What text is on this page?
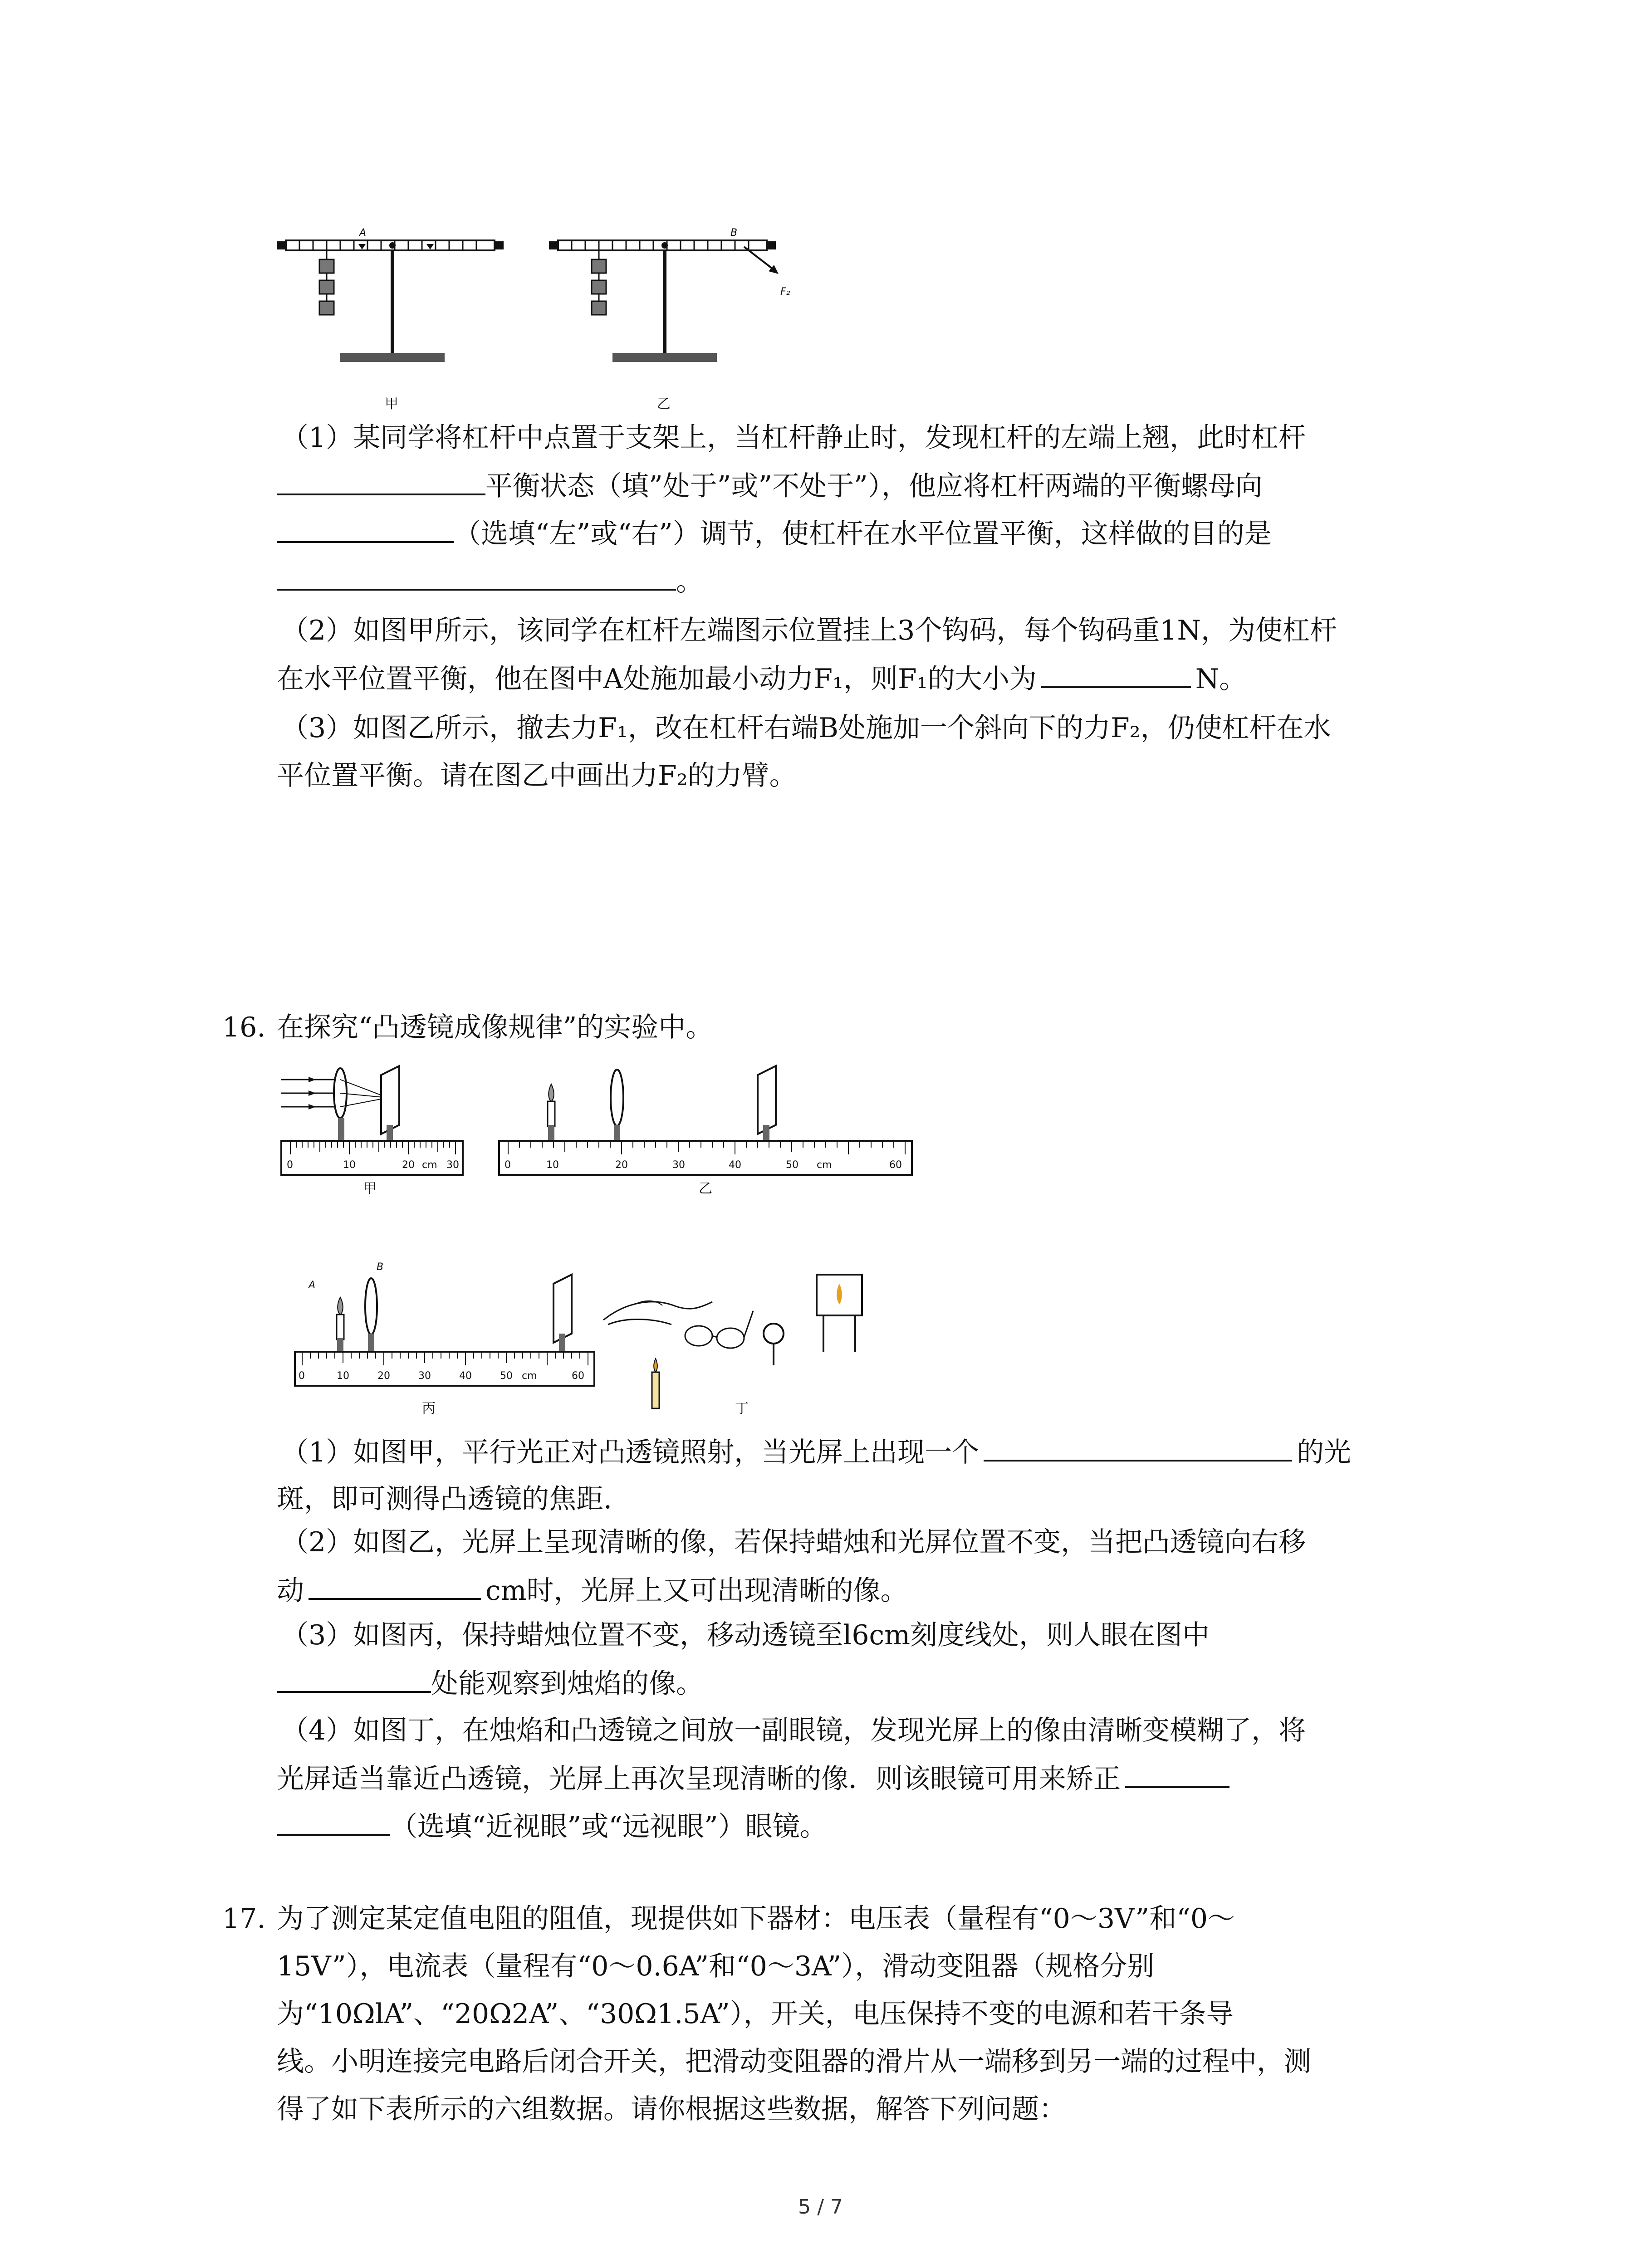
A
甲
B
F₂
乙
（1）某同学将杠杆中点置于支架上，当杠杆静止时，发现杠杆的左端上翘，此时杠杆
平衡状态（填”处于”或”不处于”），他应将杠杆两端的平衡螺母向
（选填“左”或“右”）调节，使杠杆在水平位置平衡，这样做的目的是
。
（2）如图甲所示，该同学在杠杆左端图示位置挂上3个钩码，每个钩码重1N，为使杠杆
在水平位置平衡，他在图中A处施加最小动力F₁，则F₁的大小为	N。
（3）如图乙所示，撤去力F₁，改在杠杆右端B处施加一个斜向下的力F₂，仍使杠杆在水
平位置平衡。请在图乙中画出力F₂的力臂。
16. 在探究“凸透镜成像规律”的实验中。
0	10	20 cm 30
甲
0	10	20	30	40	50 cm	60
乙
A
B
0	10	20	30	40	50 cm	60
丙	丁
（1）如图甲，平行光正对凸透镜照射，当光屏上出现一个	的光
斑，即可测得凸透镜的焦距.
（2）如图乙，光屏上呈现清晰的像，若保持蜡烛和光屏位置不变，当把凸透镜向右移
动	cm时，光屏上又可出现清晰的像。
（3）如图丙，保持蜡烛位置不变，移动透镜至l6cm刻度线处，则人眼在图中
处能观察到烛焰的像。
（4）如图丁，在烛焰和凸透镜之间放一副眼镜，发现光屏上的像由清晰变模糊了，将
光屏适当靠近凸透镜，光屏上再次呈现清晰的像．则该眼镜可用来矫正
（选填“近视眼”或“远视眼”）眼镜。
17. 为了测定某定值电阻的阻值，现提供如下器材：电压表（量程有“0～3V”和“0～
15V”），电流表（量程有“0～0.6A”和“0～3A”），滑动变阻器（规格分别
为“10ΩlA”、“20Ω2A”、“30Ω1.5A”），开关，电压保持不变的电源和若干条导
线。小明连接完电路后闭合开关，把滑动变阻器的滑片从一端移到另一端的过程中，测
得了如下表所示的六组数据。请你根据这些数据，解答下列问题：
5 / 7
